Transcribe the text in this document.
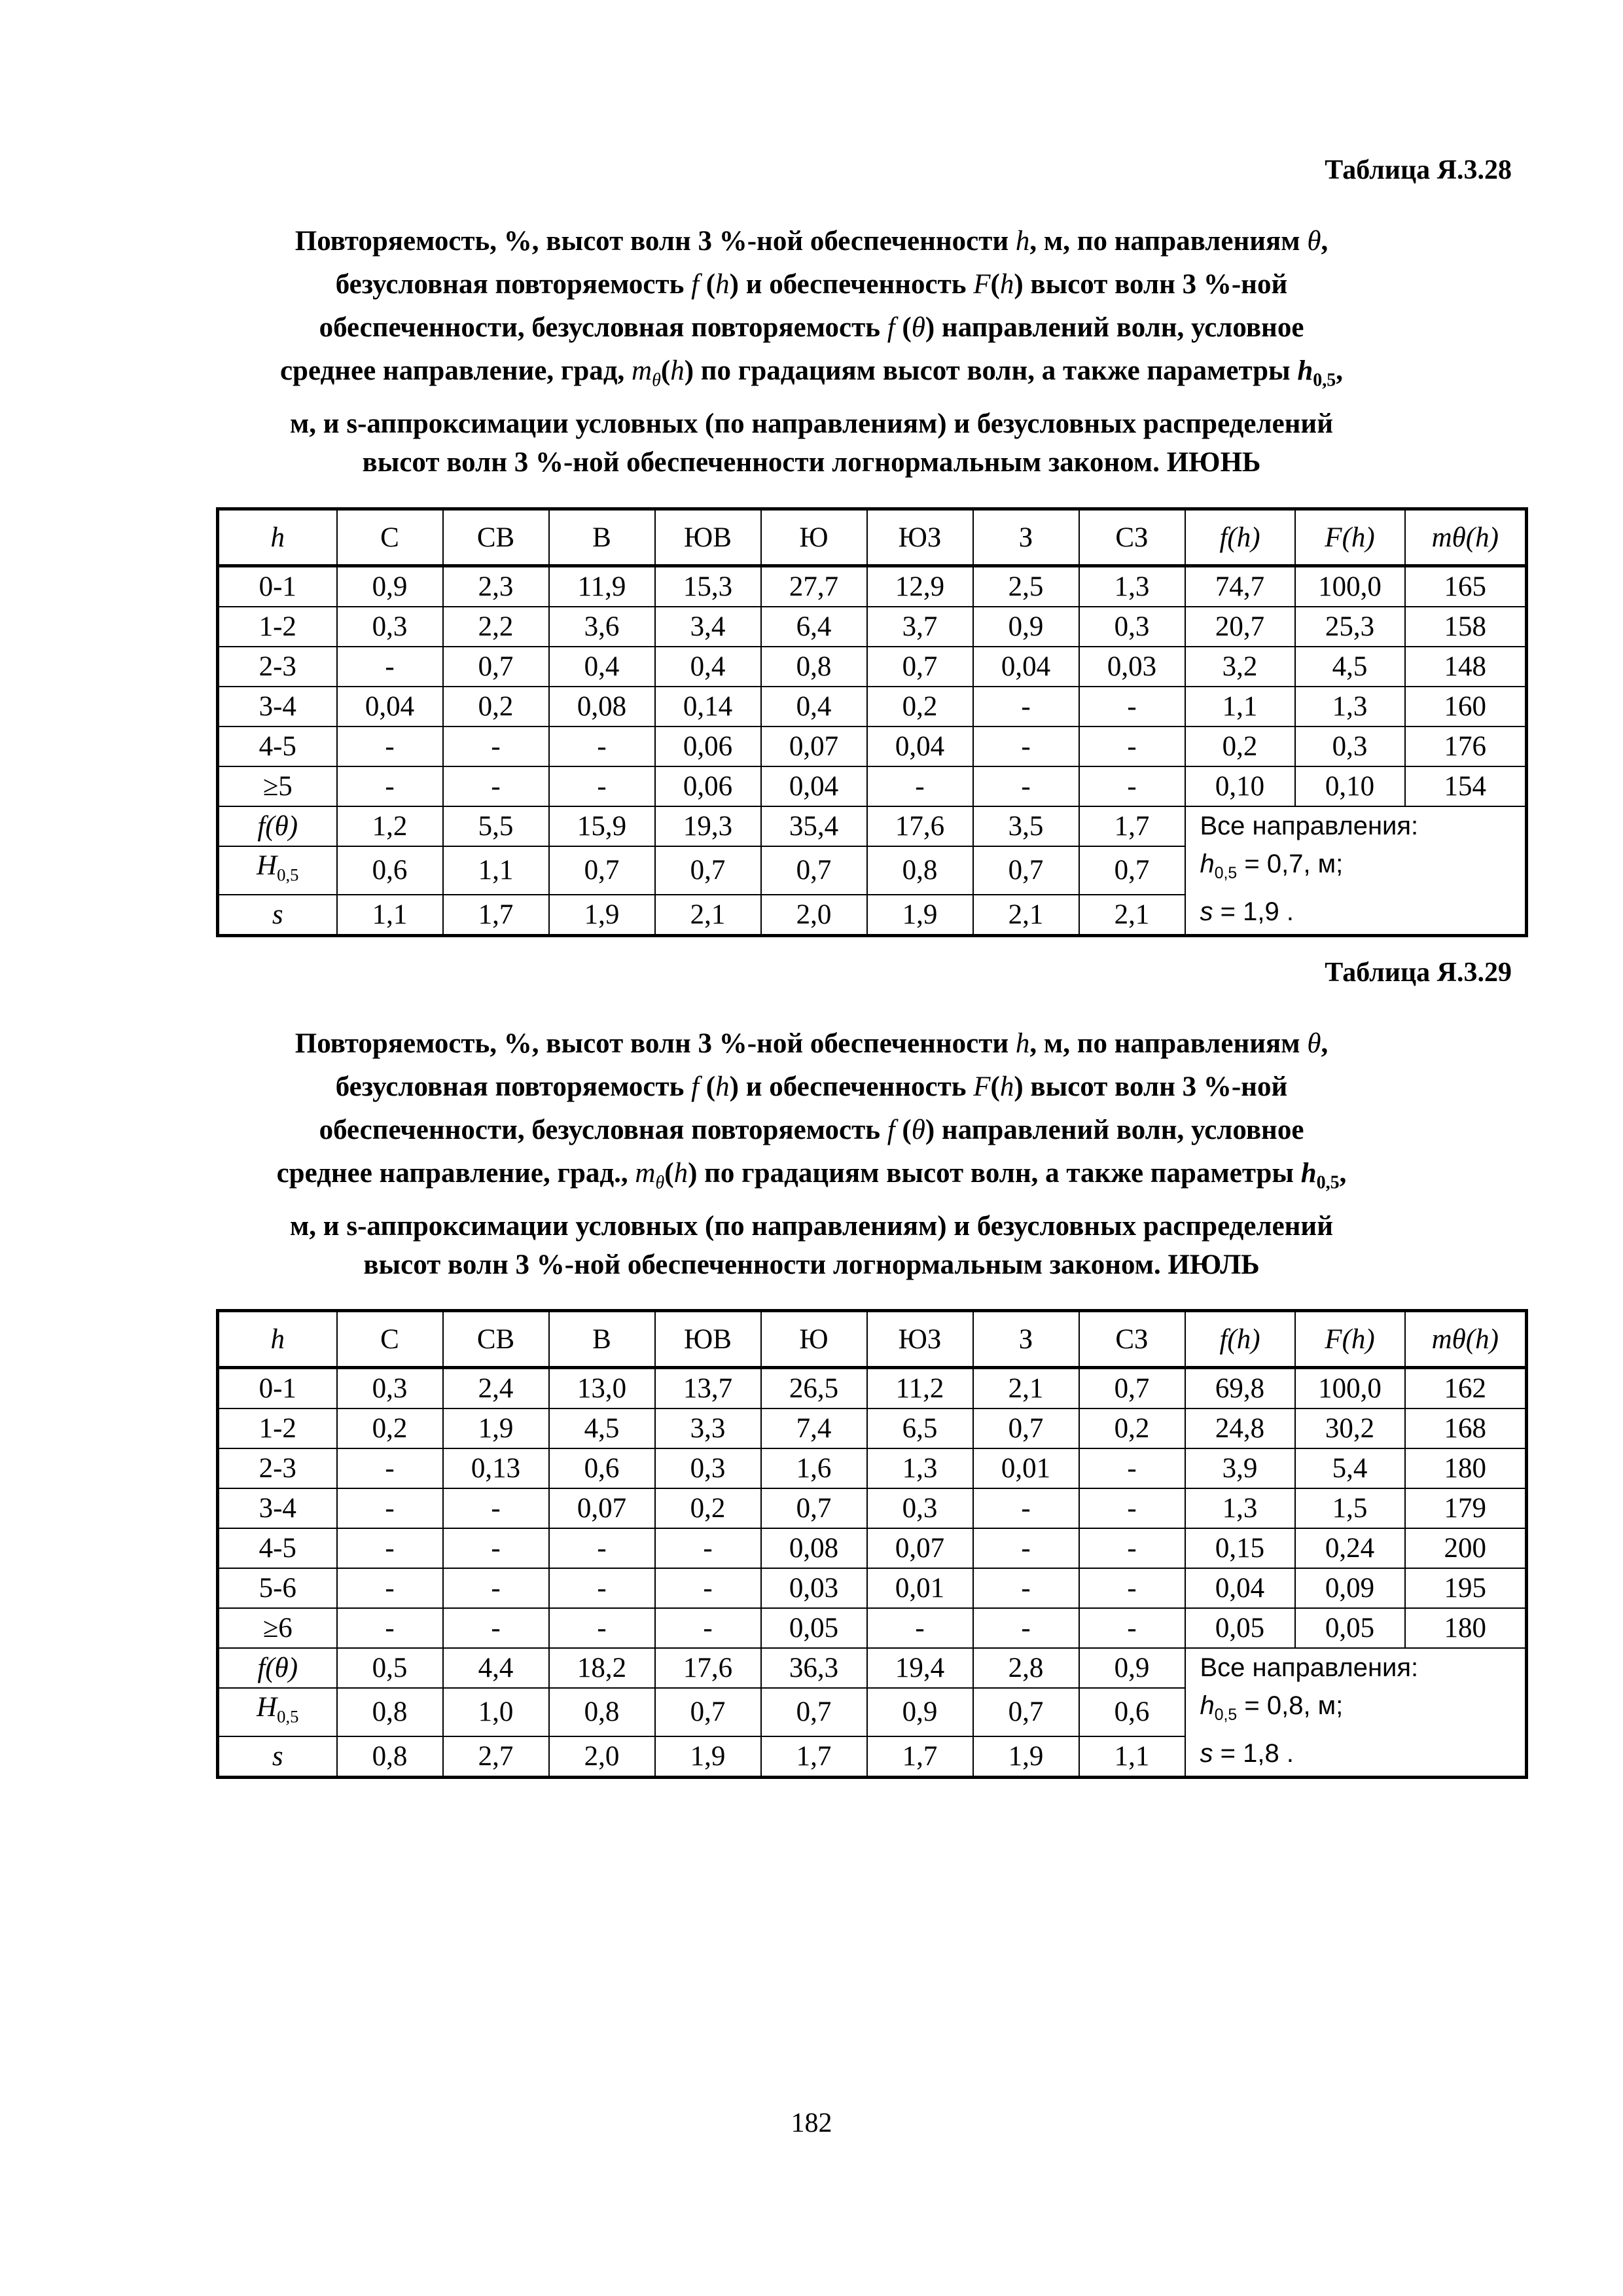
Таблица Я.3.28
Повторяемость, %, высот волн 3 %-ной обеспеченности h, м, по направлениям θ,
безусловная повторяемость f (h) и обеспеченность F(h) высот волн 3 %-ной
обеспеченности, безусловная повторяемость f (θ) направлений волн, условное
среднее направление, град, $m_\theta(h)$ по градациям высот волн, а также параметры $h_{0,5}$,
м, и s-аппроксимации условных (по направлениям) и безусловных распределений
высот волн 3 %-ной обеспеченности логнормальным законом. ИЮНЬ
h	С	СВ	В	ЮВ	Ю	ЮЗ	З	СЗ	f(h)	F(h)	mθ(h)
0-1	0,9	2,3	11,9	15,3	27,7	12,9	2,5	1,3	74,7	100,0	165
1-2	0,3	2,2	3,6	3,4	6,4	3,7	0,9	0,3	20,7	25,3	158
2-3	-	0,7	0,4	0,4	0,8	0,7	0,04	0,03	3,2	4,5	148
3-4	0,04	0,2	0,08	0,14	0,4	0,2	-	-	1,1	1,3	160
4-5	-	-	-	0,06	0,07	0,04	-	-	0,2	0,3	176
≥5	-	-	-	0,06	0,04	-	-	-	0,10	0,10	154
f(θ)	1,2	5,5	15,9	19,3	35,4	17,6	3,5	1,7	Все направления:
$h_{0,5} = 0,7$, м;
s = 1,9 .		

$H_{0,5}$	0,6	1,1	0,7	0,7	0,7	0,8	0,7	0,7			
s	1,1	1,7	1,9	2,1	2,0	1,9	2,1	2,1			
Таблица Я.3.29
Повторяемость, %, высот волн 3 %-ной обеспеченности h, м, по направлениям θ,
безусловная повторяемость f (h) и обеспеченность F(h) высот волн 3 %-ной
обеспеченности, безусловная повторяемость f (θ) направлений волн, условное
среднее направление, град., $m_\theta(h)$ по градациям высот волн, а также параметры $h_{0,5}$,
м, и s-аппроксимации условных (по направлениям) и безусловных распределений
высот волн 3 %-ной обеспеченности логнормальным законом. ИЮЛЬ
h	С	СВ	В	ЮВ	Ю	ЮЗ	З	СЗ	f(h)	F(h)	mθ(h)
0-1	0,3	2,4	13,0	13,7	26,5	11,2	2,1	0,7	69,8	100,0	162
1-2	0,2	1,9	4,5	3,3	7,4	6,5	0,7	0,2	24,8	30,2	168
2-3	-	0,13	0,6	0,3	1,6	1,3	0,01	-	3,9	5,4	180
3-4	-	-	0,07	0,2	0,7	0,3	-	-	1,3	1,5	179
4-5	-	-	-	-	0,08	0,07	-	-	0,15	0,24	200
5-6	-	-	-	-	0,03	0,01	-	-	0,04	0,09	195
≥6	-	-	-	-	0,05	-	-	-	0,05	0,05	180
f(θ)	0,5	4,4	18,2	17,6	36,3	19,4	2,8	0,9	Все направления:
$h_{0,5} = 0,8$, м;
s = 1,8 .		

$H_{0,5}$	0,8	1,0	0,8	0,7	0,7	0,9	0,7	0,6			
s	0,8	2,7	2,0	1,9	1,7	1,7	1,9	1,1			
182
